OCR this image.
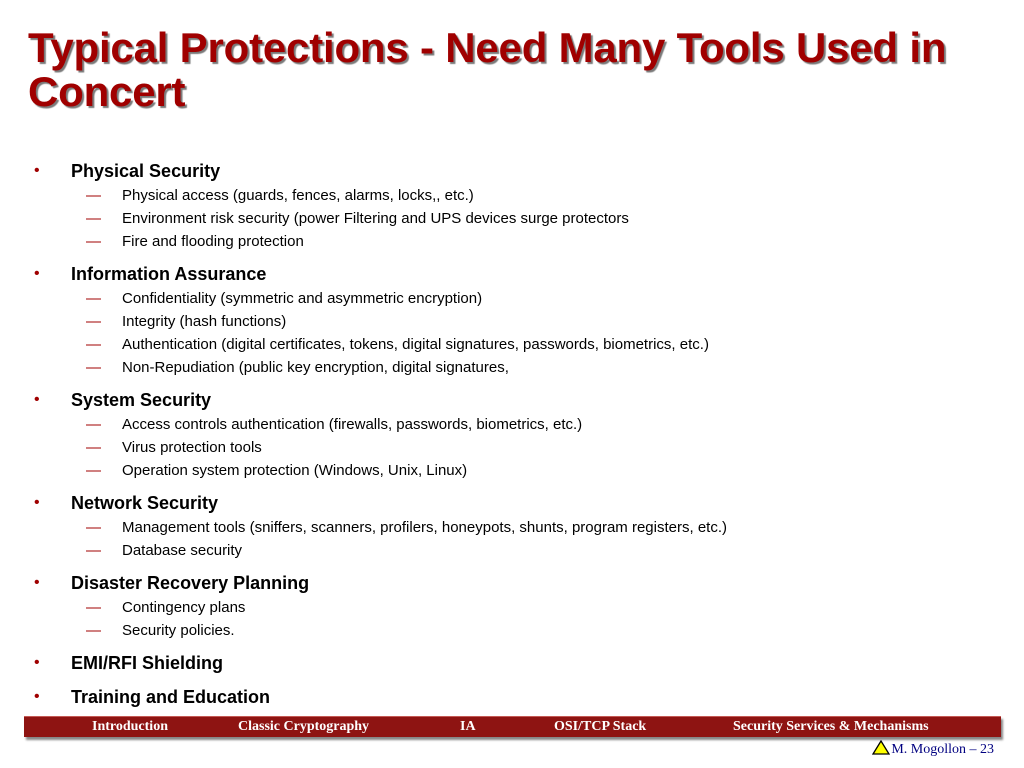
Typical Protections - Need Many Tools Used in Concert
• Physical Security
— Physical access (guards, fences, alarms, locks,, etc.)
— Environment risk security (power Filtering and UPS devices surge protectors
— Fire and flooding protection
• Information Assurance
— Confidentiality (symmetric and asymmetric encryption)
— Integrity (hash functions)
— Authentication (digital certificates, tokens, digital signatures, passwords, biometrics, etc.)
— Non-Repudiation (public key encryption, digital signatures,
• System Security
— Access controls authentication (firewalls, passwords, biometrics, etc.)
— Virus protection tools
— Operation system protection (Windows, Unix, Linux)
• Network Security
— Management tools (sniffers, scanners, profilers, honeypots, shunts, program registers, etc.)
— Database security
• Disaster Recovery Planning
— Contingency plans
— Security policies.
• EMI/RFI Shielding
• Training and Education
Introduction	Classic Cryptography	IA	OSI/TCP Stack	Security Services & Mechanisms
M. Mogollon – 23
